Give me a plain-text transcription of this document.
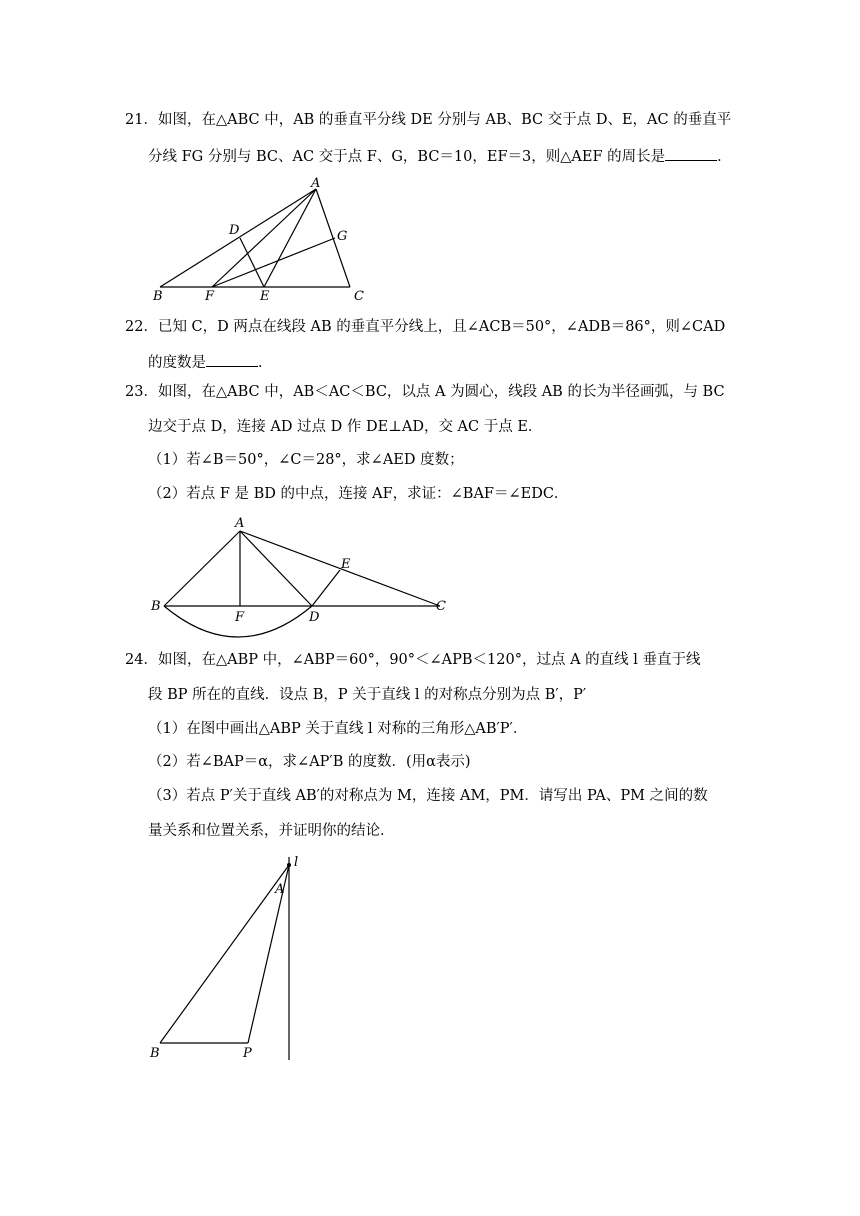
21．如图，在△ABC 中，AB 的垂直平分线 DE 分别与 AB、BC 交于点 D、E，AC 的垂直平
分线 FG 分别与 BC、AC 交于点 F、G，BC＝10，EF＝3，则△AEF 的周长是	．
A
B	C
D
E
F
G
22．已知 C，D 两点在线段 AB 的垂直平分线上，且∠ACB＝50°，∠ADB＝86°，则∠CAD
的度数是	．
23．如图，在△ABC 中，AB＜AC＜BC，以点 A 为圆心，线段 AB 的长为半径画弧，与 BC
边交于点 D，连接 AD 过点 D 作 DE⊥AD，交 AC 于点 E．
（1）若∠B＝50°，∠C＝28°，求∠AED 度数；
（2）若点 F 是 BD 的中点，连接 AF，求证：∠BAF＝∠EDC．
A
B	C
D
E
F
24．如图，在△ABP 中，∠ABP＝60°，90°＜∠APB＜120°，过点 A 的直线 l 垂直于线
段 BP 所在的直线．设点 B，P 关于直线 l 的对称点分别为点 B′，P′
（1）在图中画出△ABP 关于直线 l 对称的三角形△AB′P′．
（2）若∠BAP＝α，求∠AP′B 的度数．(用α表示)
（3）若点 P′关于直线 AB′的对称点为 M，连接 AM，PM．请写出 PA、PM 之间的数
量关系和位置关系，并证明你的结论．
A
B	P
l
